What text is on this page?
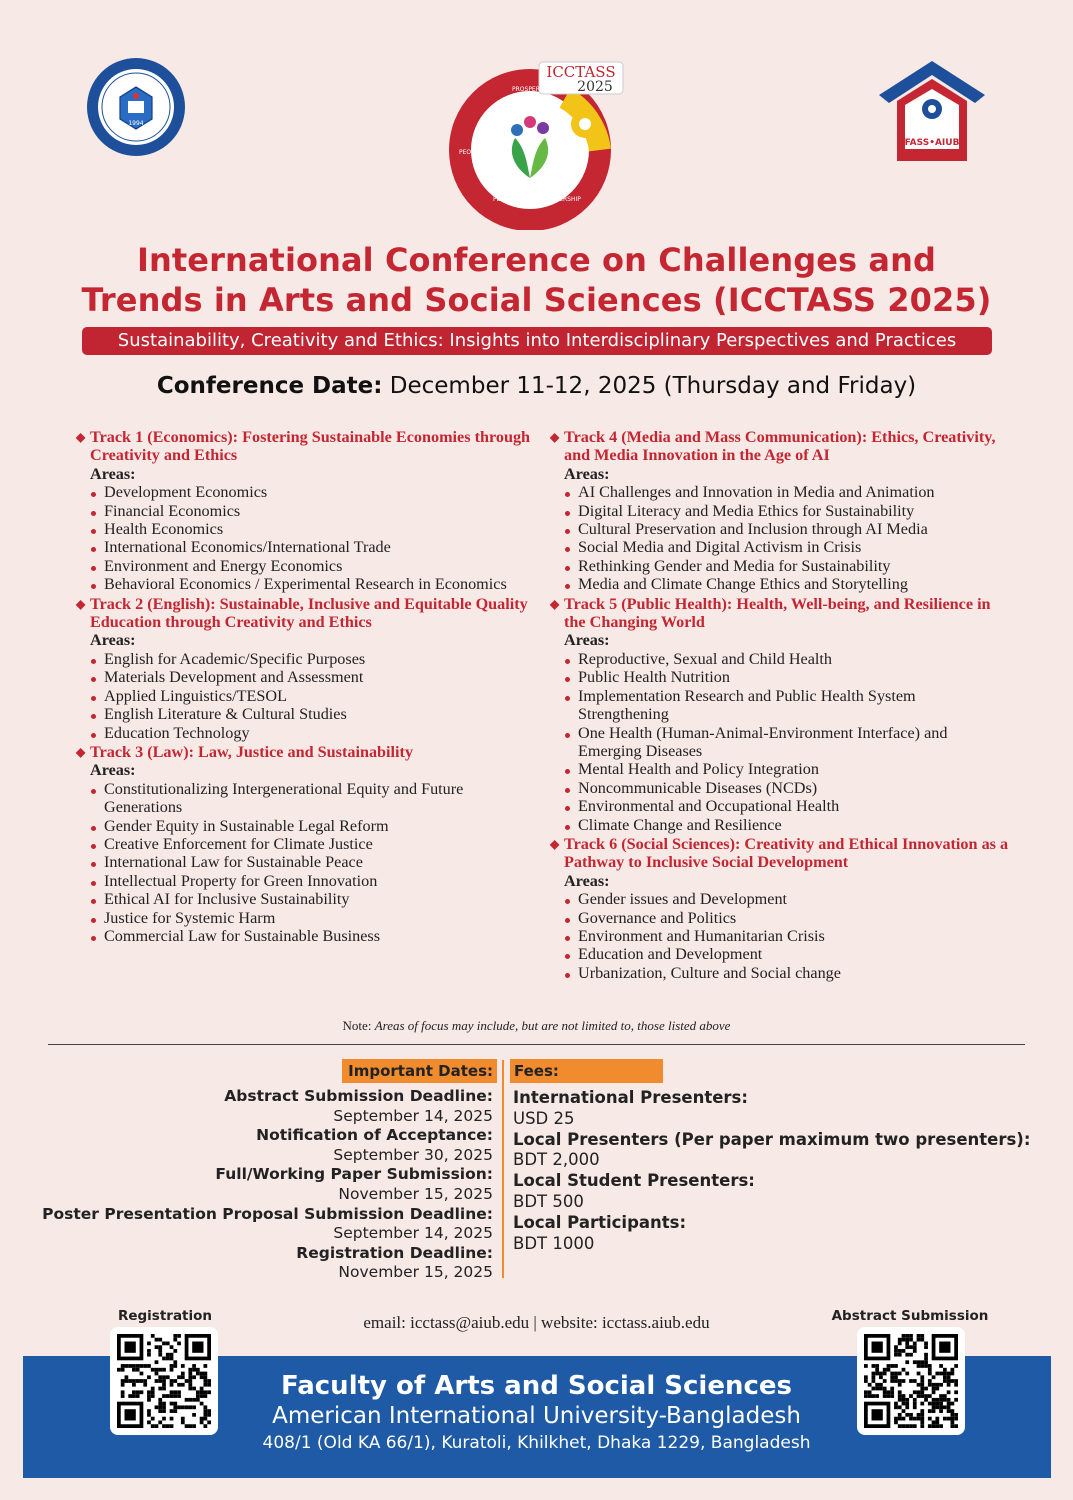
1994
ICCTASS
2025
PROSPERITY
PEOPLE
PLANET	PARTNERSHIP
FASS•AIUB
International Conference on Challenges and
Trends in Arts and Social Sciences (ICCTASS 2025)
Sustainability, Creativity and Ethics: Insights into Interdisciplinary Perspectives and Practices
Conference Date: December 11-12, 2025 (Thursday and Friday)
◆ Track 1 (Economics): Fostering Sustainable Economies through Creativity and Ethics
Areas:
Development Economics
Financial Economics
Health Economics
International Economics/International Trade
Environment and Energy Economics
Behavioral Economics / Experimental Research in Economics
◆ Track 2 (English): Sustainable, Inclusive and Equitable Quality Education through Creativity and Ethics
Areas:
English for Academic/Specific Purposes
Materials Development and Assessment
Applied Linguistics/TESOL
English Literature & Cultural Studies
Education Technology
◆ Track 3 (Law): Law, Justice and Sustainability
Areas:
Constitutionalizing Intergenerational Equity and Future Generations
Gender Equity in Sustainable Legal Reform
Creative Enforcement for Climate Justice
International Law for Sustainable Peace
Intellectual Property for Green Innovation
Ethical AI for Inclusive Sustainability
Justice for Systemic Harm
Commercial Law for Sustainable Business
◆ Track 4 (Media and Mass Communication): Ethics, Creativity, and Media Innovation in the Age of AI
Areas:
AI Challenges and Innovation in Media and Animation
Digital Literacy and Media Ethics for Sustainability
Cultural Preservation and Inclusion through AI Media
Social Media and Digital Activism in Crisis
Rethinking Gender and Media for Sustainability
Media and Climate Change Ethics and Storytelling
◆ Track 5 (Public Health): Health, Well-being, and Resilience in the Changing World
Areas:
Reproductive, Sexual and Child Health
Public Health Nutrition
Implementation Research and Public Health System Strengthening
One Health (Human-Animal-Environment Interface) and Emerging Diseases
Mental Health and Policy Integration
Noncommunicable Diseases (NCDs)
Environmental and Occupational Health
Climate Change and Resilience
◆ Track 6 (Social Sciences): Creativity and Ethical Innovation as a Pathway to Inclusive Social Development
Areas:
Gender issues and Development
Governance and Politics
Environment and Humanitarian Crisis
Education and Development
Urbanization, Culture and Social change
Note: Areas of focus may include, but are not limited to, those listed above
Important Dates: Fees:
Abstract Submission Deadline:
September 14, 2025
Notification of Acceptance:
September 30, 2025
Full/Working Paper Submission:
November 15, 2025
Poster Presentation Proposal Submission Deadline:
September 14, 2025
Registration Deadline:
November 15, 2025
International Presenters:
USD 25
Local Presenters (Per paper maximum two presenters):
BDT 2,000
Local Student Presenters:
BDT 500
Local Participants:
BDT 1000
Registration	Abstract Submission
email: icctass@aiub.edu | website: icctass.aiub.edu
Faculty of Arts and Social Sciences
American International University-Bangladesh
408/1 (Old KA 66/1), Kuratoli, Khilkhet, Dhaka 1229, Bangladesh
